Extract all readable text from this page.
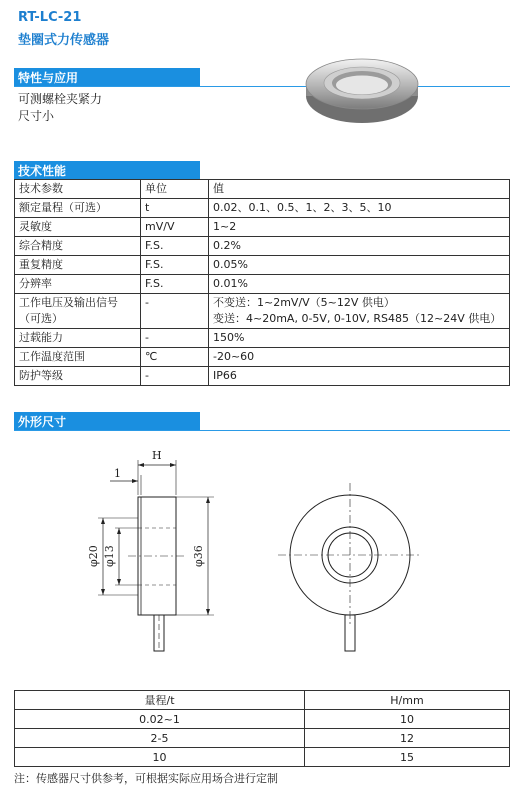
RT-LC-21
垫圈式力传感器
特性与应用
可测螺栓夹紧力
尺寸小
技术性能
技术参数	单位	值
额定量程（可选）	t	0.02、0.1、0.5、1、2、3、5、10
灵敏度	mV/V	1~2
综合精度	F.S.	0.2%
重复精度	F.S.	0.05%
分辨率	F.S.	0.01%
工作电压及输出信号
（可选）	-	不变送：1~2mV/V（5~12V 供电）
变送：4~20mA, 0-5V, 0-10V, RS485（12~24V 供电）
过载能力	-	150%
工作温度范围	℃	-20~60
防护等级	-	IP66
外形尺寸
H
1
φ20 φ13	φ36
量程/t	H/mm
0.02~1	10
2-5	12
10	15
注：传感器尺寸供参考，可根据实际应用场合进行定制
